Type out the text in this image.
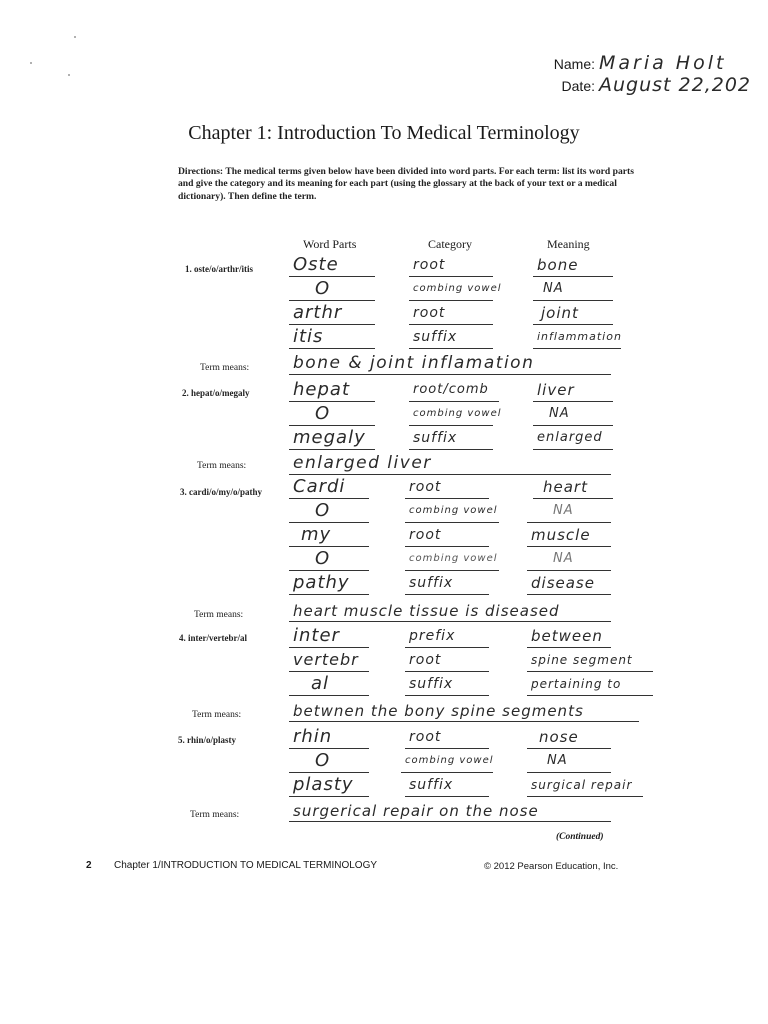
Name: Maria Holt
Date: August 22,202
Chapter 1: Introduction To Medical Terminology
Directions: The medical terms given below have been divided into word parts. For each term: list its word parts and give the category and its meaning for each part (using the glossary at the back of your text or a medical dictionary). Then define the term.
Word Parts	Category	Meaning
1. oste/o/arthr/itis Oste	root	bone
O	combing vowel	NA
arthr	root	joint
itis	suffix	inflammation
Term means:	bone & joint inflamation
2. hepat/o/megaly hepat	root/comb	liver
O	combing vowel	NA
megaly	suffix	enlarged
Term means:	enlarged liver
3. cardi/o/my/o/pathy Cardi	root	heart
O	combing vowel	NA
my	root	muscle
O	combing vowel	NA
pathy	suffix	disease
Term means:	heart muscle tissue is diseased
4. inter/vertebr/al	inter	prefix	between
vertebr	root	spine segment
al	suffix	pertaining to
Term means:	betwnen the bony spine segments
5. rhin/o/plasty	rhin	root	nose
O	combing vowel	NA
plasty	suffix	surgical repair
Term means:	surgerical repair on the nose
(Continued)
2 Chapter 1/INTRODUCTION TO MEDICAL TERMINOLOGY	© 2012 Pearson Education, Inc.
